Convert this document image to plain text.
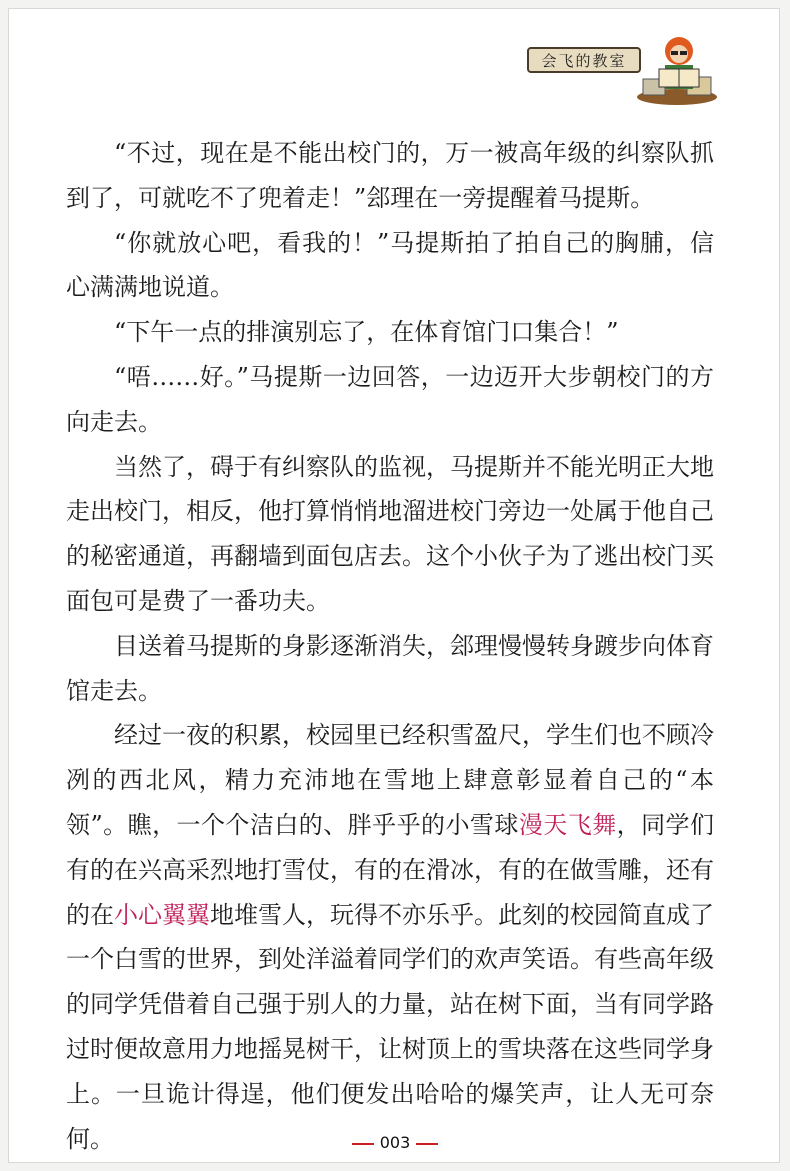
会飞的教室

“不过，现在是不能出校门的，万一被高年级的纠察队抓到了，可就吃不了兜着走！”郐理在一旁提醒着马提斯。

“你就放心吧，看我的！”马提斯拍了拍自己的胸脯，信心满满地说道。

“下午一点的排演别忘了，在体育馆门口集合！”

“唔……好。”马提斯一边回答，一边迈开大步朝校门的方向走去。

当然了，碍于有纠察队的监视，马提斯并不能光明正大地走出校门，相反，他打算悄悄地溜进校门旁边一处属于他自己的秘密通道，再翻墙到面包店去。这个小伙子为了逃出校门买面包可是费了一番功夫。

目送着马提斯的身影逐渐消失，郐理慢慢转身踱步向体育馆走去。

经过一夜的积累，校园里已经积雪盈尺，学生们也不顾冷冽的西北风，精力充沛地在雪地上肆意彰显着自己的“本领”。瞧，一个个洁白的、胖乎乎的小雪球漫天飞舞，同学们有的在兴高采烈地打雪仗，有的在滑冰，有的在做雪雕，还有的在小心翼翼地堆雪人，玩得不亦乐乎。此刻的校园简直成了一个白雪的世界，到处洋溢着同学们的欢声笑语。有些高年级的同学凭借着自己强于别人的力量，站在树下面，当有同学路过时便故意用力地摇晃树干，让树顶上的雪块落在这些同学身上。一旦诡计得逞，他们便发出哈哈的爆笑声，让人无可奈何。	003
